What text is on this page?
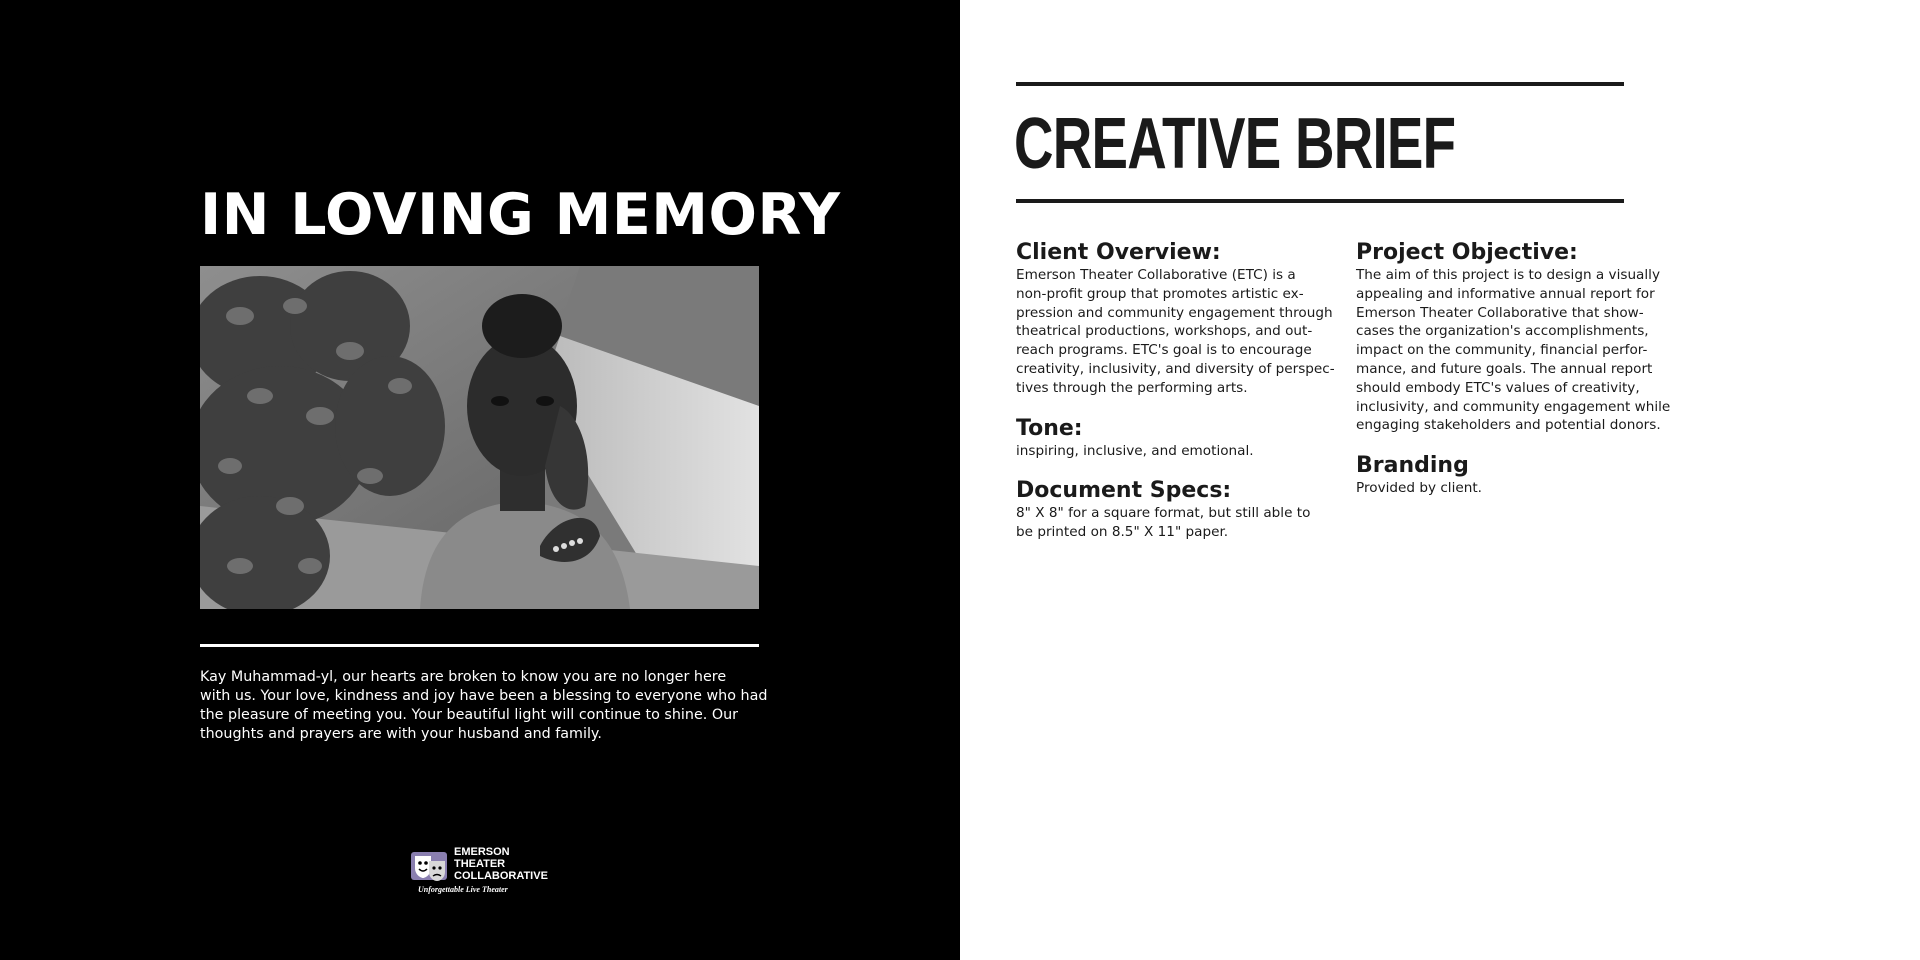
IN LOVING MEMORY
Kay Muhammad-yl, our hearts are broken to know you are no longer here
with us. Your love, kindness and joy have been a blessing to everyone who had
the pleasure of meeting you. Your beautiful light will continue to shine. Our
thoughts and prayers are with your husband and family.
EMERSON
THEATER
COLLABORATIVE
Unforgettable Live Theater
CREATIVE BRIEF
Client Overview:
Emerson Theater Collaborative (ETC) is a
non-profit group that promotes artistic ex-
pression and community engagement through
theatrical productions, workshops, and out-
reach programs. ETC's goal is to encourage
creativity, inclusivity, and diversity of perspec-
tives through the performing arts.
Tone:
inspiring, inclusive, and emotional.
Document Specs:
8" X 8" for a square format, but still able to
be printed on 8.5" X 11" paper.
Project Objective:
The aim of this project is to design a visually
appealing and informative annual report for
Emerson Theater Collaborative that show-
cases the organization's accomplishments,
impact on the community, financial perfor-
mance, and future goals. The annual report
should embody ETC's values of creativity,
inclusivity, and community engagement while
engaging stakeholders and potential donors.
Branding
Provided by client.
